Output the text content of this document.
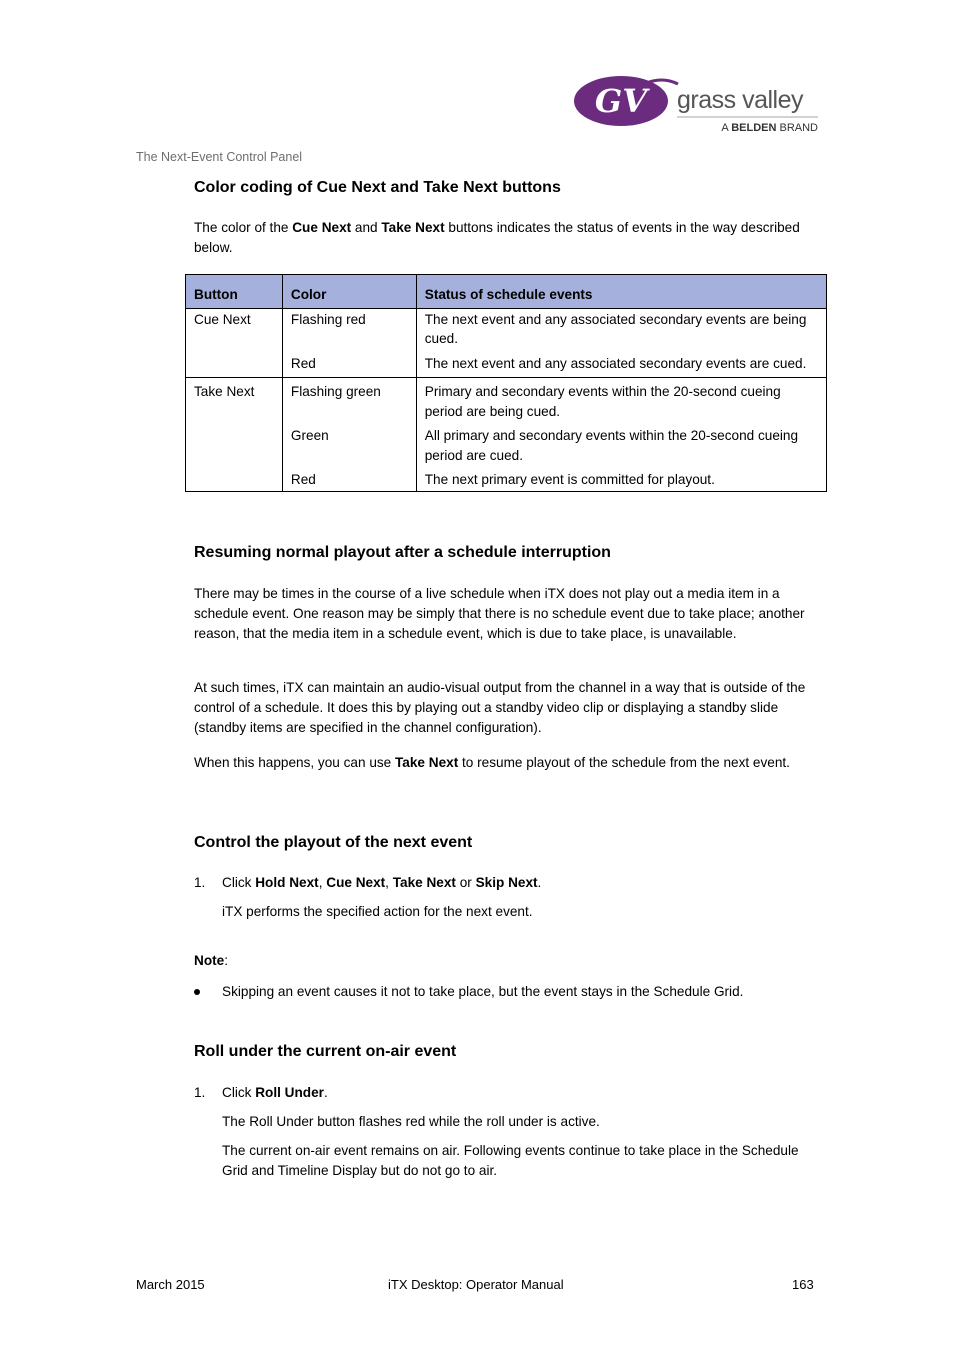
GV grass valley
A BELDEN BRAND
The Next-Event Control Panel
Color coding of Cue Next and Take Next buttons

The color of the Cue Next and Take Next buttons indicates the status of events in the way described below.

Button	Color	Status of schedule events
Cue Next	Flashing red	The next event and any associated secondary events are being cued.
	Red	The next event and any associated secondary events are cued.
Take Next	Flashing green	Primary and secondary events within the 20-second cueing period are being cued.
	Green	All primary and secondary events within the 20-second cueing period are cued.
	Red	The next primary event is committed for playout.
Resuming normal playout after a schedule interruption

There may be times in the course of a live schedule when iTX does not play out a media item in a schedule event. One reason may be simply that there is no schedule event due to take place; another reason, that the media item in a schedule event, which is due to take place, is unavailable.

At such times, iTX can maintain an audio-visual output from the channel in a way that is outside of the control of a schedule. It does this by playing out a standby video clip or displaying a standby slide (standby items are specified in the channel configuration).

When this happens, you can use Take Next to resume playout of the schedule from the next event.

Control the playout of the next event
1. Click Hold Next, Cue Next, Take Next or Skip Next.
iTX performs the specified action for the next event.
Note:
Skipping an event causes it not to take place, but the event stays in the Schedule Grid.
Roll under the current on-air event
1. Click Roll Under.
The Roll Under button flashes red while the roll under is active.
The current on-air event remains on air. Following events continue to take place in the Schedule Grid and Timeline Display but do not go to air.
March 2015	iTX Desktop: Operator Manual	163
